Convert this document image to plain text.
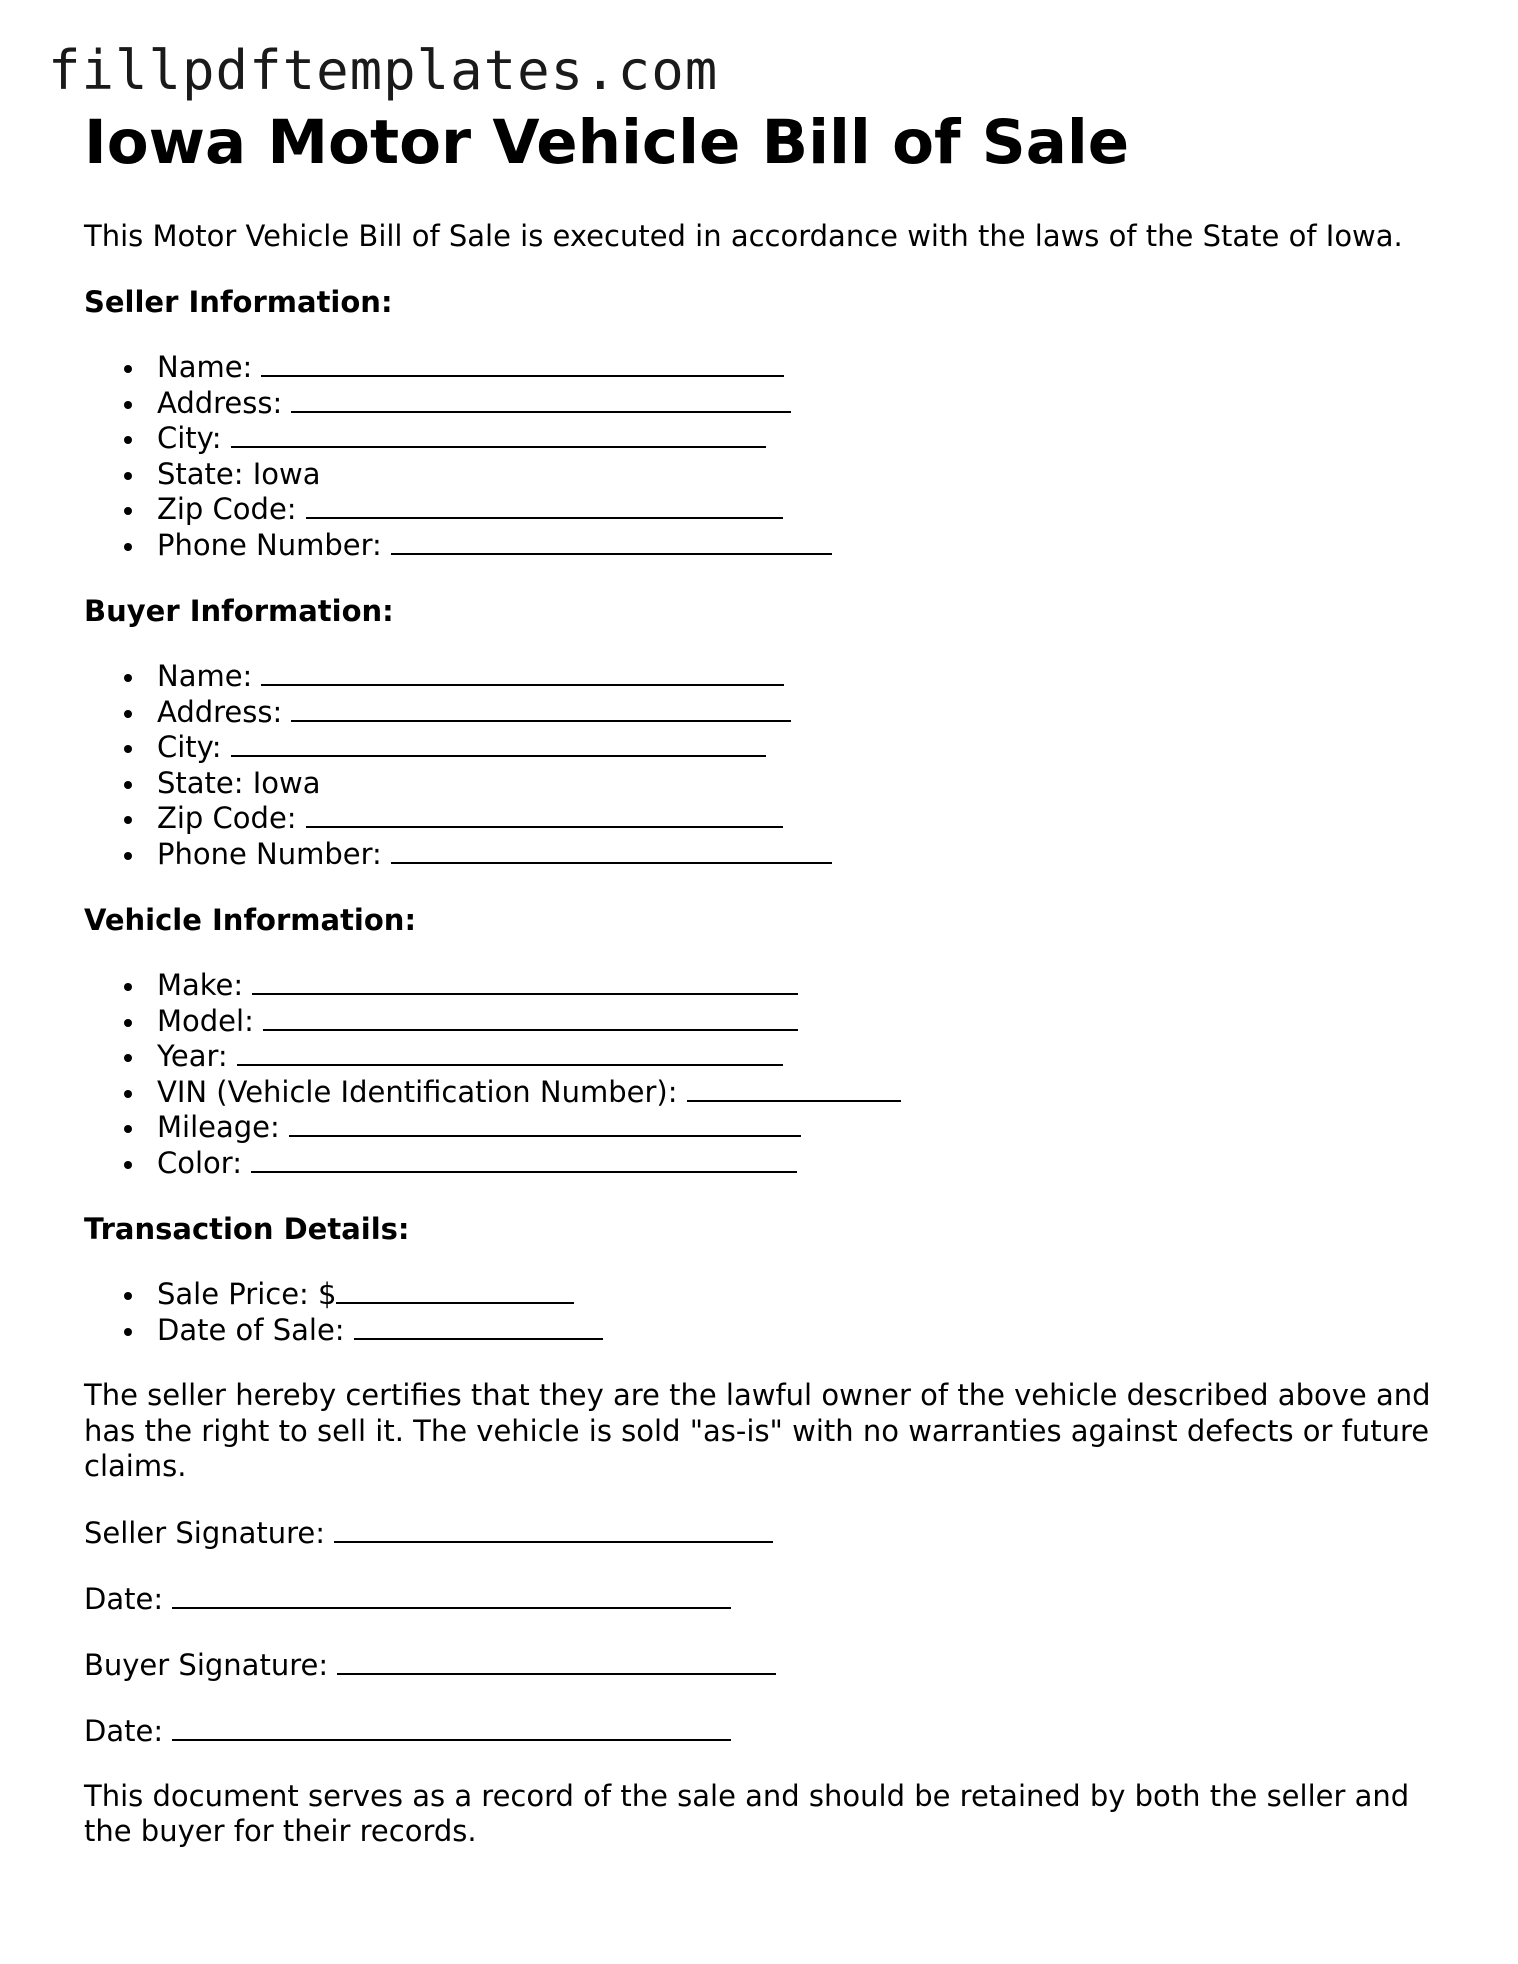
fillpdftemplates.com
Iowa Motor Vehicle Bill of Sale

This Motor Vehicle Bill of Sale is executed in accordance with the laws of the State of Iowa.

Seller Information:
Name:
Address:
City:
State: Iowa
Zip Code:
Phone Number:
Buyer Information:
Name:
Address:
City:
State: Iowa
Zip Code:
Phone Number:
Vehicle Information:
Make:
Model:
Year:
VIN (Vehicle Identification Number):
Mileage:
Color:
Transaction Details:
Sale Price: $
Date of Sale:

The seller hereby certifies that they are the lawful owner of the vehicle described above and has the right to sell it. The vehicle is sold "as-is" with no warranties against defects or future claims.

Seller Signature:
Date:
Buyer Signature:
Date:

This document serves as a record of the sale and should be retained by both the seller and the buyer for their records.
